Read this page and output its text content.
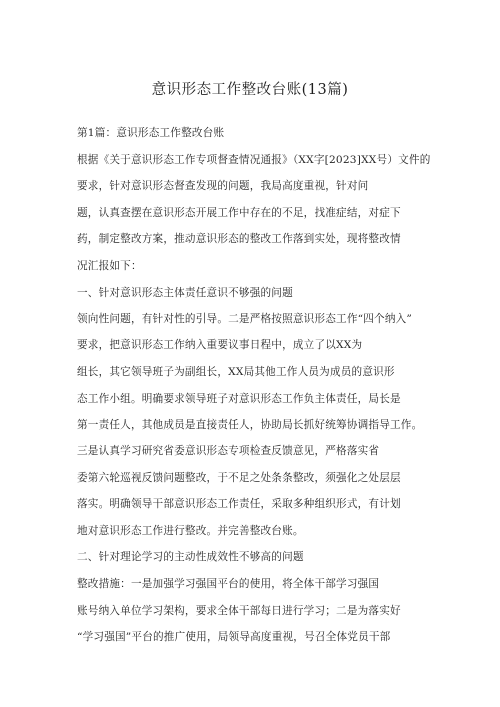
意识形态工作整改台账(13篇)
第1篇：意识形态工作整改台账
根据《关于意识形态工作专项督查情况通报》（XX字[2023]XX号）文件的
要求，针对意识形态督查发现的问题，我局高度重视，针对问
题，认真查摆在意识形态开展工作中存在的不足，找准症结，对症下
药，制定整改方案，推动意识形态的整改工作落到实处，现将整改情
况汇报如下：
一、针对意识形态主体责任意识不够强的问题
领向性问题，有针对性的引导。二是严格按照意识形态工作“四个纳入”
要求，把意识形态工作纳入重要议事日程中，成立了以XX为
组长，其它领导班子为副组长，XX局其他工作人员为成员的意识形
态工作小组。明确要求领导班子对意识形态工作负主体责任，局长是
第一责任人，其他成员是直接责任人，协助局长抓好统筹协调指导工作。
三是认真学习研究省委意识形态专项检查反馈意见，严格落实省
委第六轮巡视反馈问题整改，于不足之处条条整改，须强化之处层层
落实。明确领导干部意识形态工作责任，采取多种组织形式，有计划
地对意识形态工作进行整改。并完善整改台账。
二、针对理论学习的主动性成效性不够高的问题
整改措施：一是加强学习强国平台的使用，将全体干部学习强国
账号纳入单位学习架构，要求全体干部每日进行学习；二是为落实好
“学习强国”平台的推广使用，局领导高度重视，号召全体党员干部
